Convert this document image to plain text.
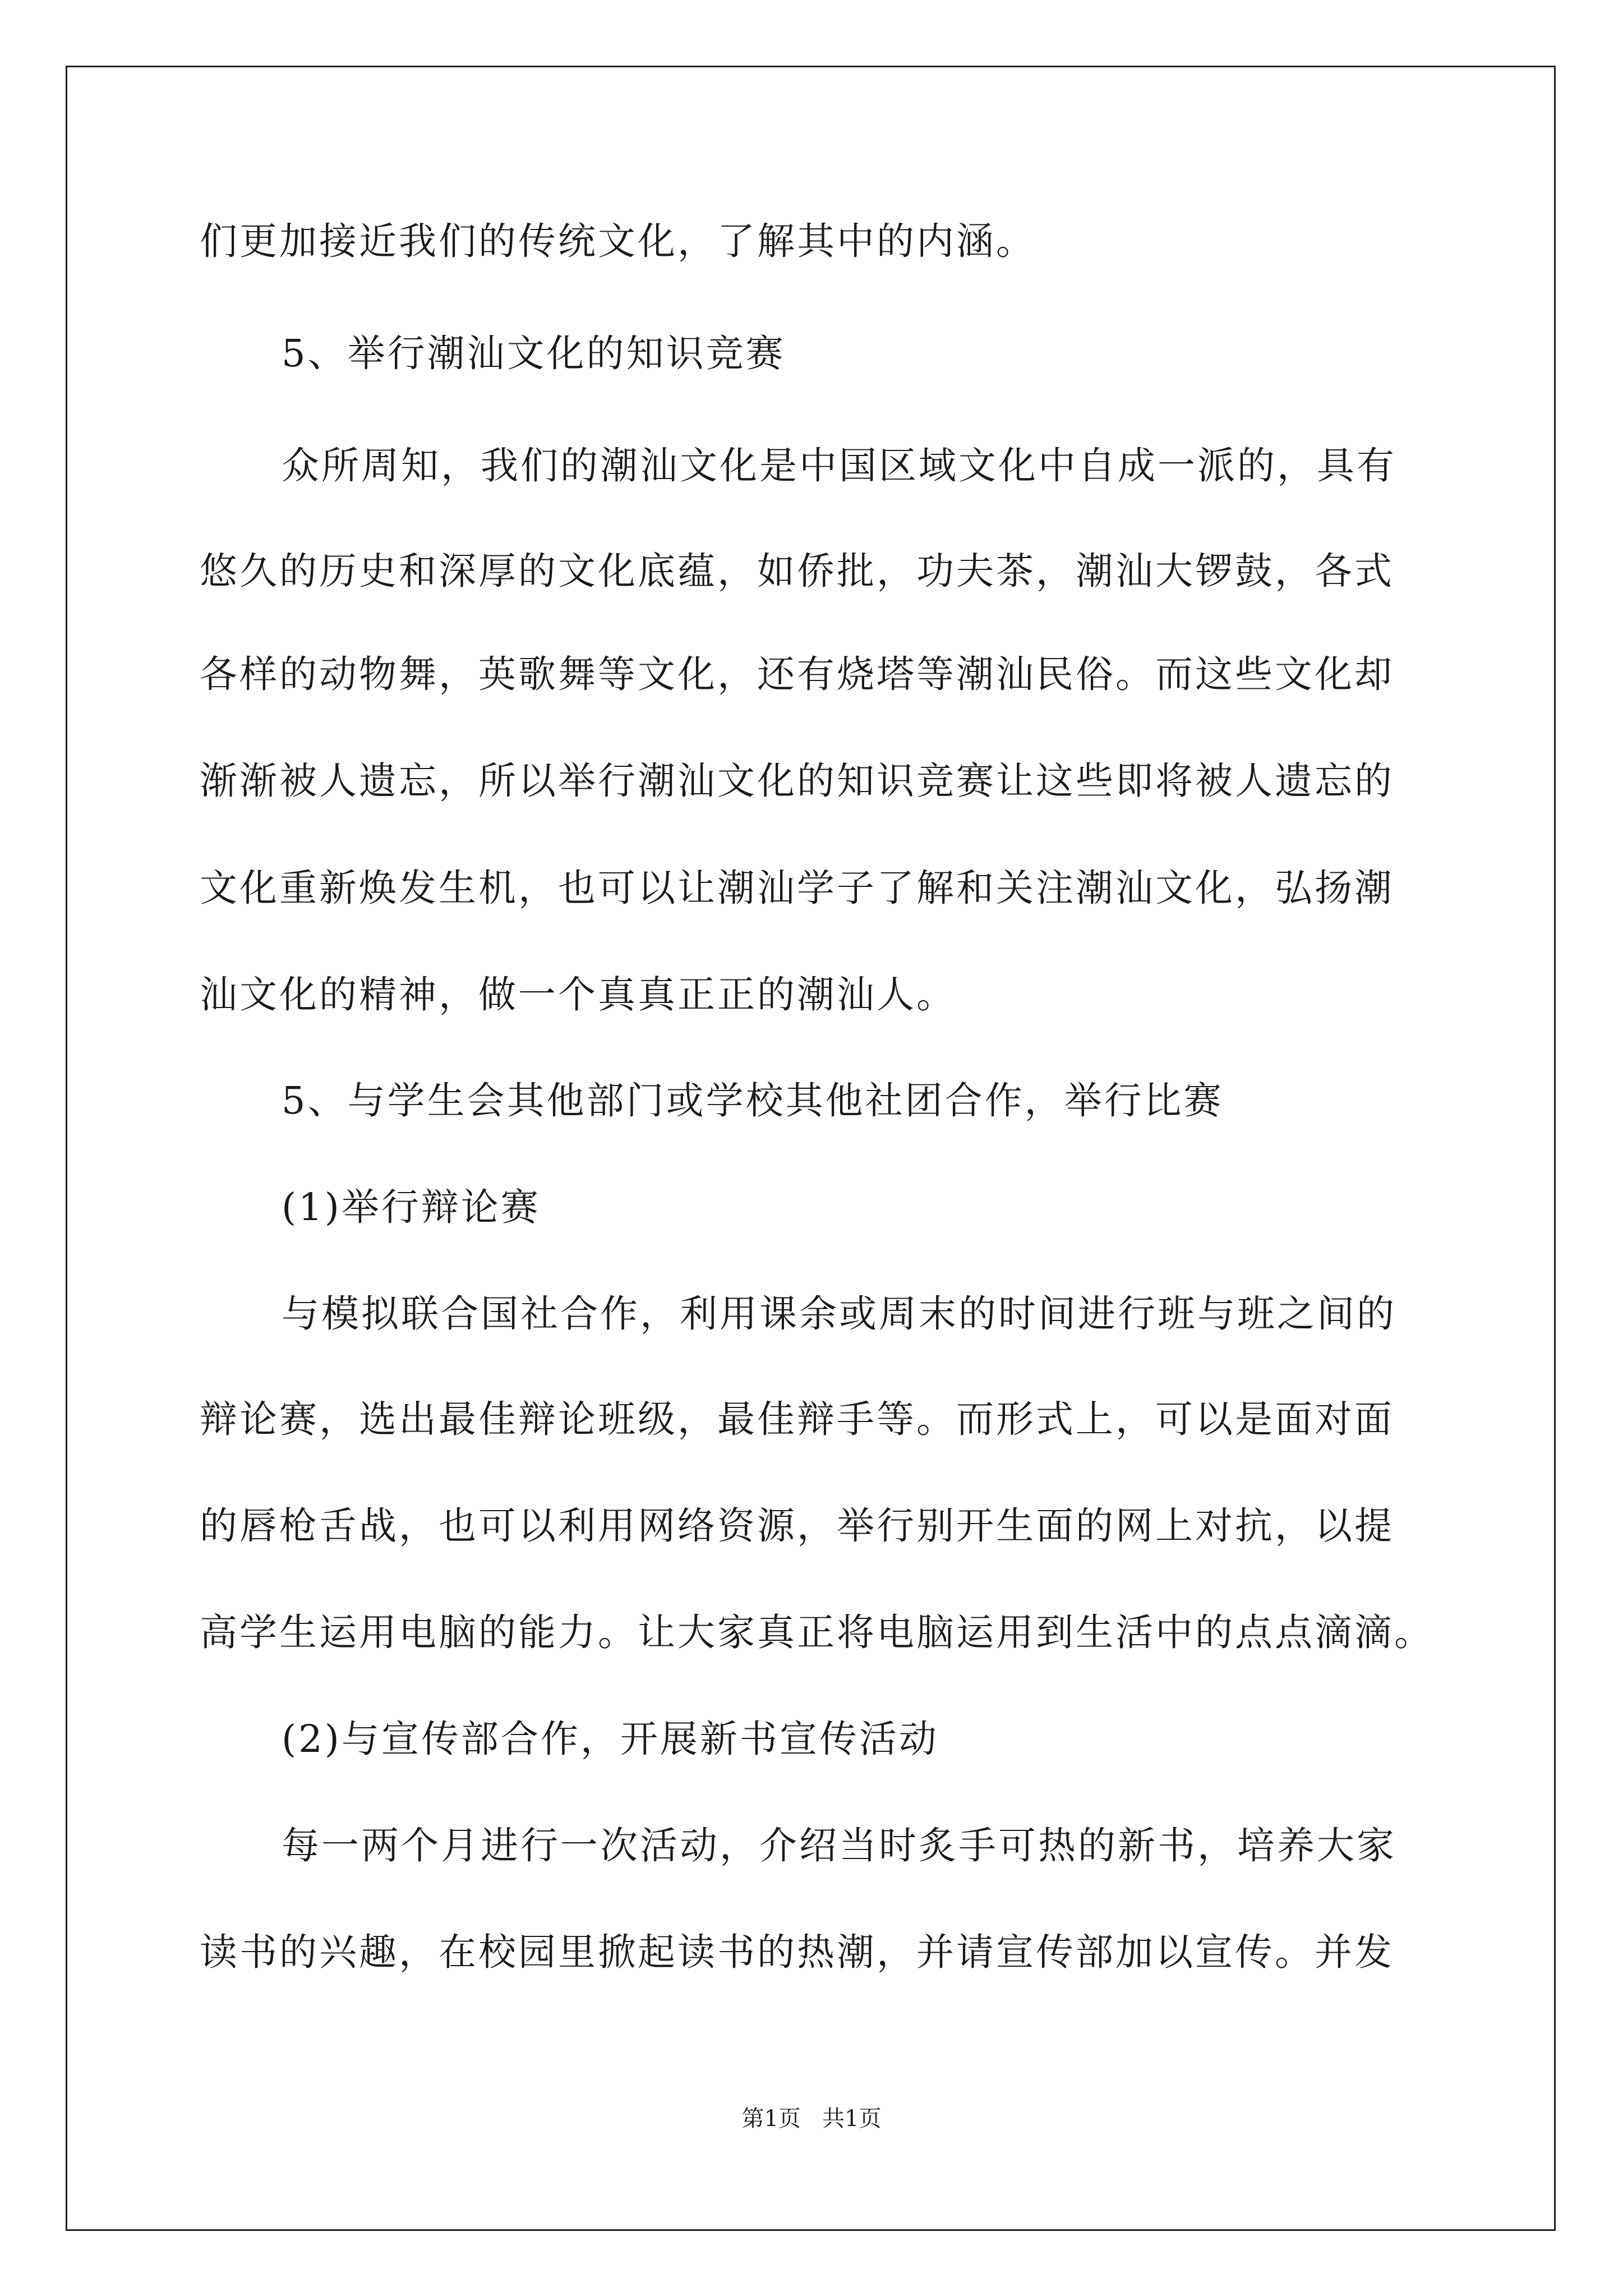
们更加接近我们的传统文化，了解其中的内涵。
5、举行潮汕文化的知识竞赛
众所周知，我们的潮汕文化是中国区域文化中自成一派的，具有
悠久的历史和深厚的文化底蕴，如侨批，功夫茶，潮汕大锣鼓，各式
各样的动物舞，英歌舞等文化，还有烧塔等潮汕民俗。而这些文化却
渐渐被人遗忘，所以举行潮汕文化的知识竞赛让这些即将被人遗忘的
文化重新焕发生机，也可以让潮汕学子了解和关注潮汕文化，弘扬潮
汕文化的精神，做一个真真正正的潮汕人。
5、与学生会其他部门或学校其他社团合作，举行比赛
(1)举行辩论赛
与模拟联合国社合作，利用课余或周末的时间进行班与班之间的
辩论赛，选出最佳辩论班级，最佳辩手等。而形式上，可以是面对面
的唇枪舌战，也可以利用网络资源，举行别开生面的网上对抗，以提
高学生运用电脑的能力。让大家真正将电脑运用到生活中的点点滴滴。
(2)与宣传部合作，开展新书宣传活动
每一两个月进行一次活动，介绍当时炙手可热的新书，培养大家
读书的兴趣，在校园里掀起读书的热潮，并请宣传部加以宣传。并发
第1页   共1页
